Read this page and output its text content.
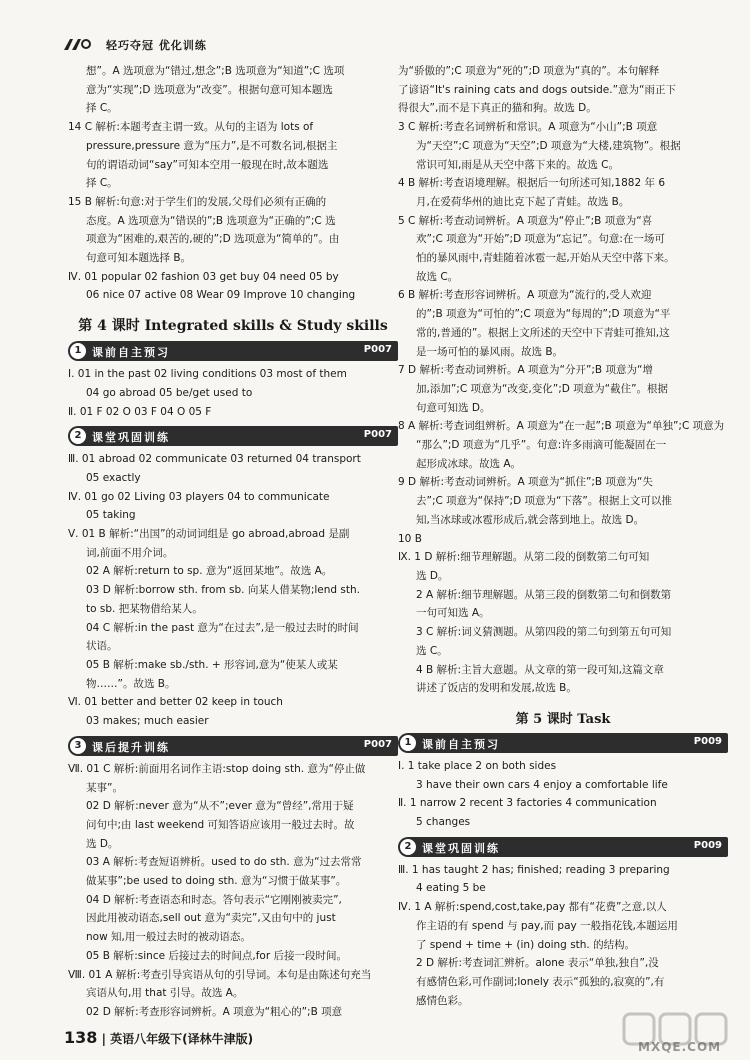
轻巧夺冠 优化训练
想”。A 选项意为“错过,想念”;B 选项意为“知道”;C 选项
意为“实现”;D 选项意为“改变”。根据句意可知本题选
择 C。
14 C 解析:本题考查主谓一致。从句的主语为 lots of
pressure,pressure 意为“压力”,是不可数名词,根据主
句的谓语动词“say”可知本空用一般现在时,故本题选
择 C。
15 B 解析:句意:对于学生们的发展,父母们必须有正确的
态度。A 选项意为“错误的”;B 选项意为“正确的”;C 选
项意为“困难的,艰苦的,硬的”;D 选项意为“简单的”。由
句意可知本题选择 B。
Ⅳ. 01 popular 02 fashion 03 get buy 04 need 05 by
06 nice 07 active 08 Wear 09 Improve 10 changing
第 4 课时 Integrated skills & Study skills
1 课前自主预习	P007
Ⅰ. 01 in the past 02 living conditions 03 most of them
04 go abroad 05 be/get used to
Ⅱ. 01 F 02 O 03 F 04 O 05 F
2 课堂巩固训练	P007
Ⅲ. 01 abroad 02 communicate 03 returned 04 transport
05 exactly
Ⅳ. 01 go 02 Living 03 players 04 to communicate
05 taking
Ⅴ. 01 B 解析:“出国”的动词词组是 go abroad,abroad 是副
词,前面不用介词。
02 A 解析:return to sp. 意为“返回某地”。故选 A。
03 D 解析:borrow sth. from sb. 向某人借某物;lend sth.
to sb. 把某物借给某人。
04 C 解析:in the past 意为“在过去”,是一般过去时的时间
状语。
05 B 解析:make sb./sth. + 形容词,意为“使某人或某
物……”。故选 B。
Ⅵ. 01 better and better 02 keep in touch
03 makes; much easier
3 课后提升训练	P007
Ⅶ. 01 C 解析:前面用名词作主语:stop doing sth. 意为“停止做
某事”。
02 D 解析:never 意为“从不”;ever 意为“曾经”,常用于疑
问句中;由 last weekend 可知答语应该用一般过去时。故
选 D。
03 A 解析:考查短语辨析。used to do sth. 意为“过去常常
做某事”;be used to doing sth. 意为“习惯于做某事”。
04 D 解析:考查语态和时态。答句表示“它刚刚被卖完”,
因此用被动语态,sell out 意为“卖完”,又由句中的 just
now 知,用一般过去时的被动语态。
05 B 解析:since 后接过去的时间点,for 后接一段时间。
Ⅷ. 01 A 解析:考查引导宾语从句的引导词。本句是由陈述句充当
宾语从句,用 that 引导。故选 A。
02 D 解析:考查形容词辨析。A 项意为“粗心的”;B 项意
为“骄傲的”;C 项意为“死的”;D 项意为“真的”。本句解释
了谚语“It's raining cats and dogs outside.”意为“雨正下
得很大”,而不是下真正的猫和狗。故选 D。
3 C 解析:考查名词辨析和常识。A 项意为“小山”;B 项意
为“天空”;C 项意为“天空”;D 项意为“大楼,建筑物”。根据
常识可知,雨是从天空中落下来的。故选 C。
4 B 解析:考查语境理解。根据后一句所述可知,1882 年 6
月,在爱荷华州的迪比克下起了青蛙。故选 B。
5 C 解析:考查动词辨析。A 项意为“停止”;B 项意为“喜
欢”;C 项意为“开始”;D 项意为“忘记”。句意:在一场可
怕的暴风雨中,青蛙随着冰雹一起,开始从天空中落下来。
故选 C。
6 B 解析:考查形容词辨析。A 项意为“流行的,受人欢迎
的”;B 项意为“可怕的”;C 项意为“每周的”;D 项意为“平
常的,普通的”。根据上文所述的天空中下青蛙可推知,这
是一场可怕的暴风雨。故选 B。
7 D 解析:考查动词辨析。A 项意为“分开”;B 项意为“增
加,添加”;C 项意为“改变,变化”;D 项意为“截住”。根据
句意可知选 D。
8 A 解析:考查词组辨析。A 项意为“在一起”;B 项意为“单独”;C 项意为
“那么”;D 项意为“几乎”。句意:许多雨滴可能凝固在一
起形成冰球。故选 A。
9 D 解析:考查动词辨析。A 项意为“抓住”;B 项意为“失
去”;C 项意为“保持”;D 项意为“下落”。根据上文可以推
知,当冰球或冰雹形成后,就会落到地上。故选 D。
10 B
Ⅸ. 1 D 解析:细节理解题。从第二段的倒数第二句可知
选 D。
2 A 解析:细节理解题。从第三段的倒数第二句和倒数第
一句可知选 A。
3 C 解析:词义猜测题。从第四段的第二句到第五句可知
选 C。
4 B 解析:主旨大意题。从文章的第一段可知,这篇文章
讲述了饭店的发明和发展,故选 B。
第 5 课时 Task
1 课前自主预习	P009
Ⅰ. 1 take place 2 on both sides
3 have their own cars 4 enjoy a comfortable life
Ⅱ. 1 narrow 2 recent 3 factories 4 communication
5 changes
2 课堂巩固训练	P009
Ⅲ. 1 has taught 2 has; finished; reading 3 preparing
4 eating 5 be
Ⅳ. 1 A 解析:spend,cost,take,pay 都有“花费”之意,以人
作主语的有 spend 与 pay,而 pay 一般指花钱,本题运用
了 spend + time + (in) doing sth. 的结构。
2 D 解析:考查词汇辨析。alone 表示“单独,独自”,没
有感情色彩,可作副词;lonely 表示“孤独的,寂寞的”,有
感情色彩。
138 | 英语八年级下(译林牛津版)
MXQE.COM
